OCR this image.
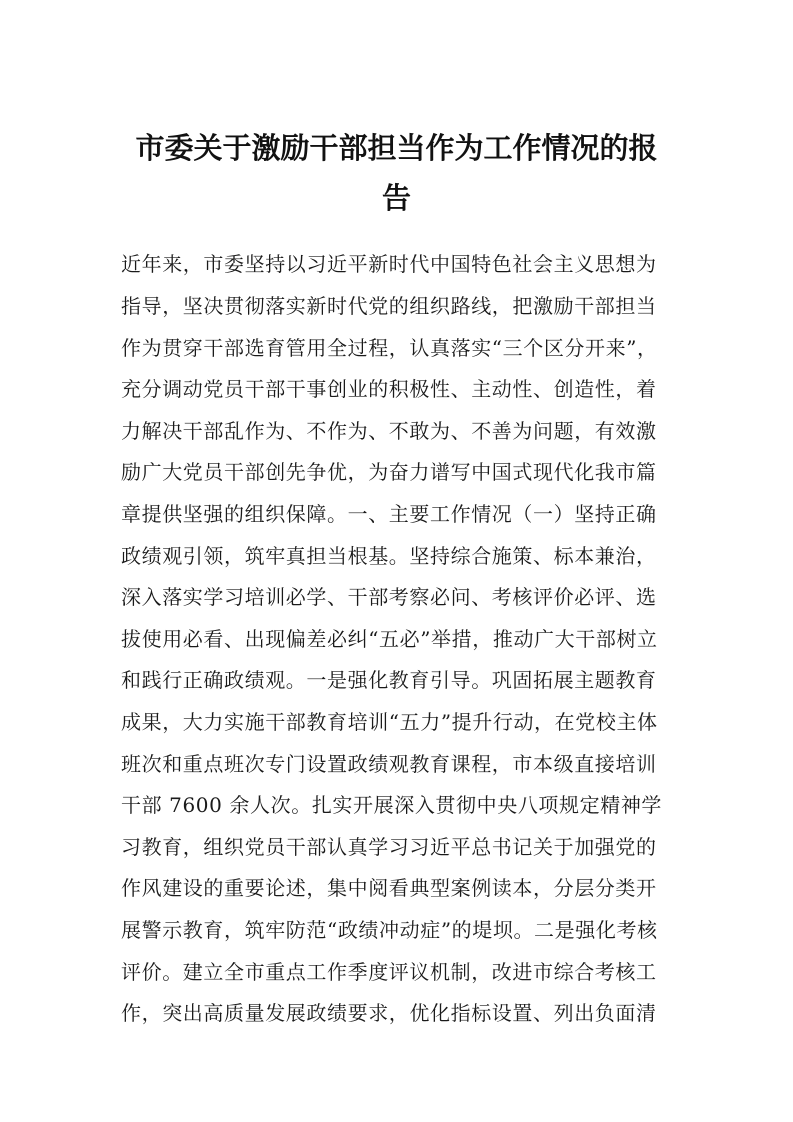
市委关于激励干部担当作为工作情况的报
告

近年来，市委坚持以习近平新时代中国特色社会主义思想为

指导，坚决贯彻落实新时代党的组织路线，把激励干部担当

作为贯穿干部选育管用全过程，认真落实“三个区分开来”，

充分调动党员干部干事创业的积极性、主动性、创造性，着

力解决干部乱作为、不作为、不敢为、不善为问题，有效激

励广大党员干部创先争优，为奋力谱写中国式现代化我市篇

章提供坚强的组织保障。一、主要工作情况（一）坚持正确

政绩观引领，筑牢真担当根基。坚持综合施策、标本兼治，

深入落实学习培训必学、干部考察必问、考核评价必评、选

拔使用必看、出现偏差必纠“五必”举措，推动广大干部树立

和践行正确政绩观。一是强化教育引导。巩固拓展主题教育

成果，大力实施干部教育培训“五力”提升行动，在党校主体

班次和重点班次专门设置政绩观教育课程，市本级直接培训

干部 7600 余人次。扎实开展深入贯彻中央八项规定精神学

习教育，组织党员干部认真学习习近平总书记关于加强党的

作风建设的重要论述，集中阅看典型案例读本，分层分类开

展警示教育，筑牢防范“政绩冲动症”的堤坝。二是强化考核

评价。建立全市重点工作季度评议机制，改进市综合考核工

作，突出高质量发展政绩要求，优化指标设置、列出负面清
